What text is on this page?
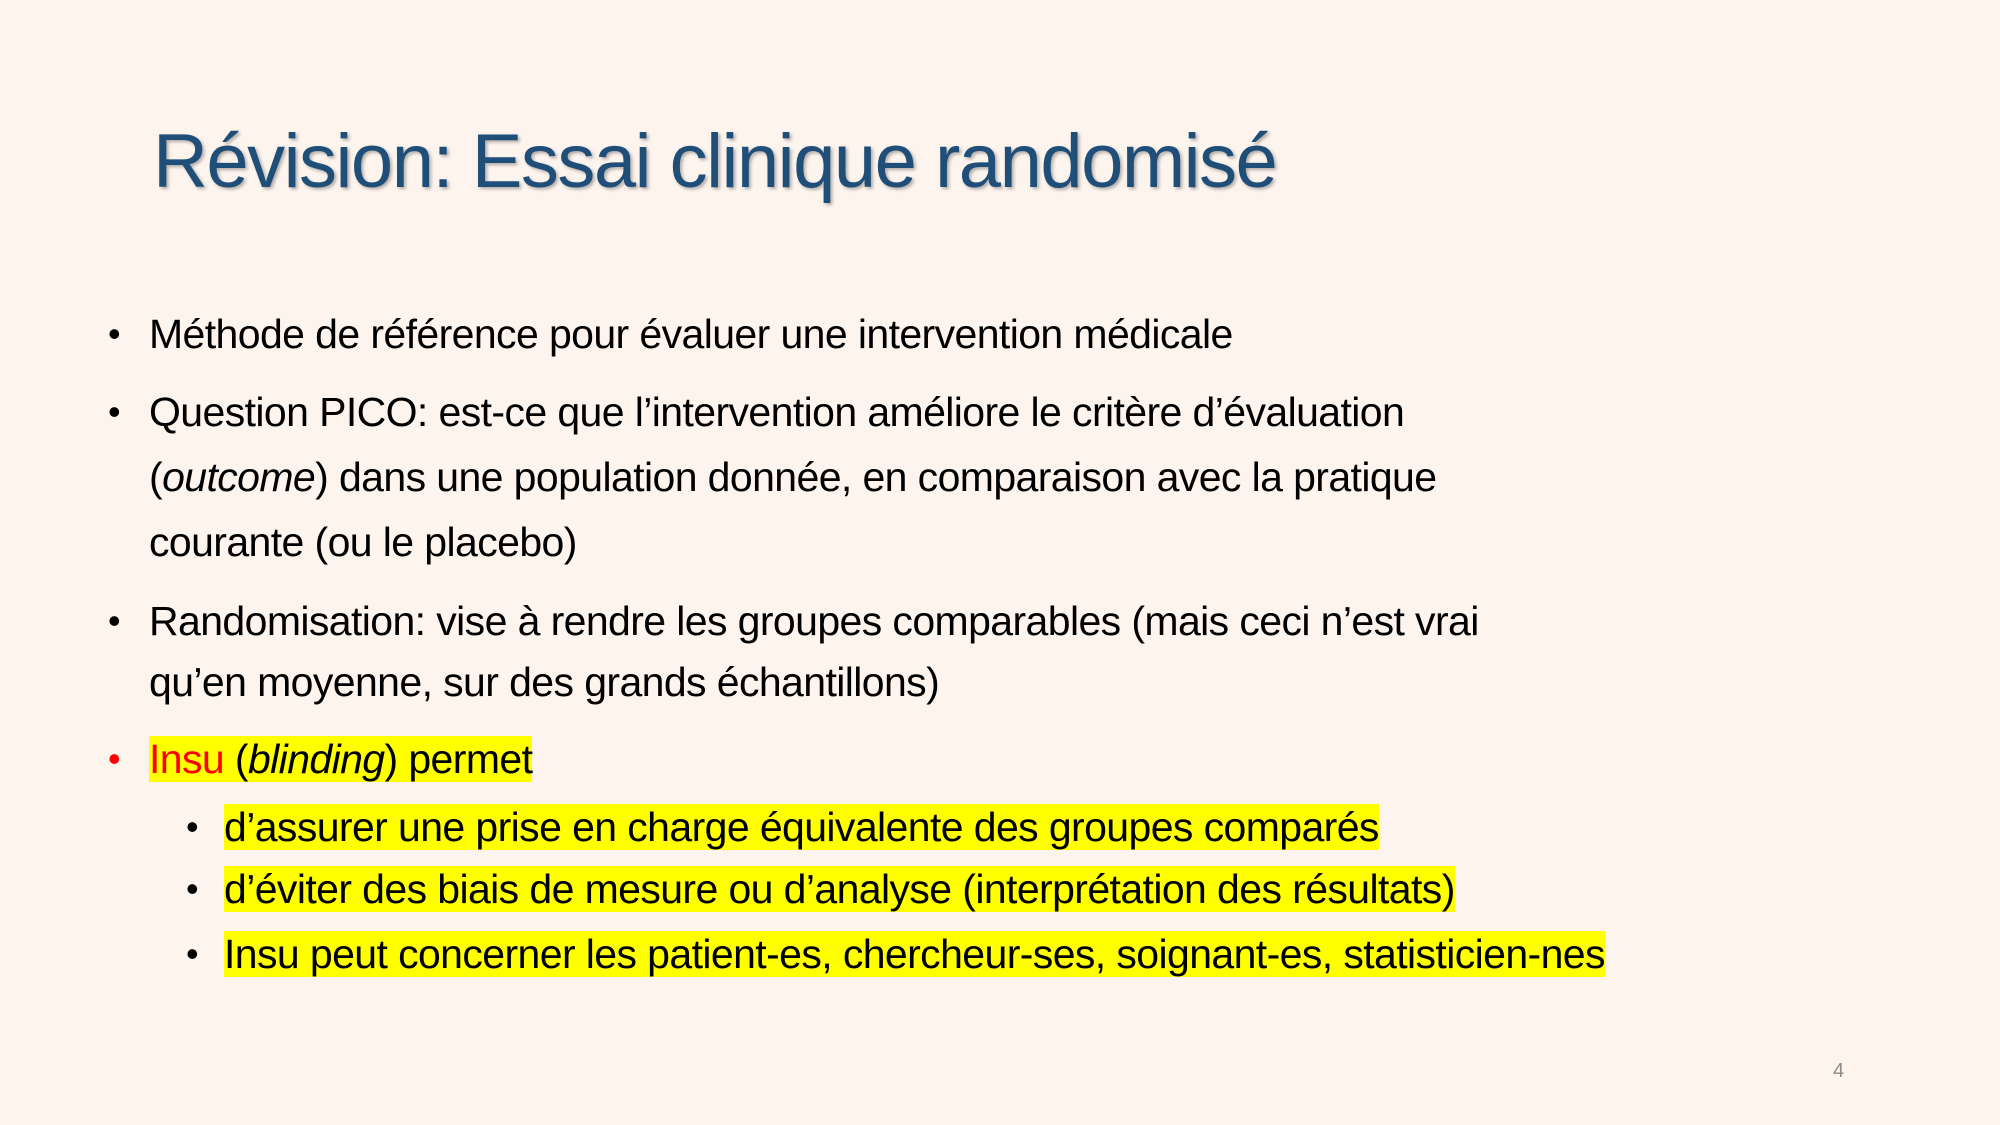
Révision: Essai clinique randomisé
• Méthode de référence pour évaluer une intervention médicale
• Question PICO: est-ce que l’intervention améliore le critère d’évaluation
(outcome) dans une population donnée, en comparaison avec la pratique
courante (ou le placebo)
• Randomisation: vise à rendre les groupes comparables (mais ceci n’est vrai
qu’en moyenne, sur des grands échantillons)
• Insu (blinding) permet
• d’assurer une prise en charge équivalente des groupes comparés
• d’éviter des biais de mesure ou d’analyse (interprétation des résultats)
• Insu peut concerner les patient-es, chercheur-ses, soignant-es, statisticien-nes
4
